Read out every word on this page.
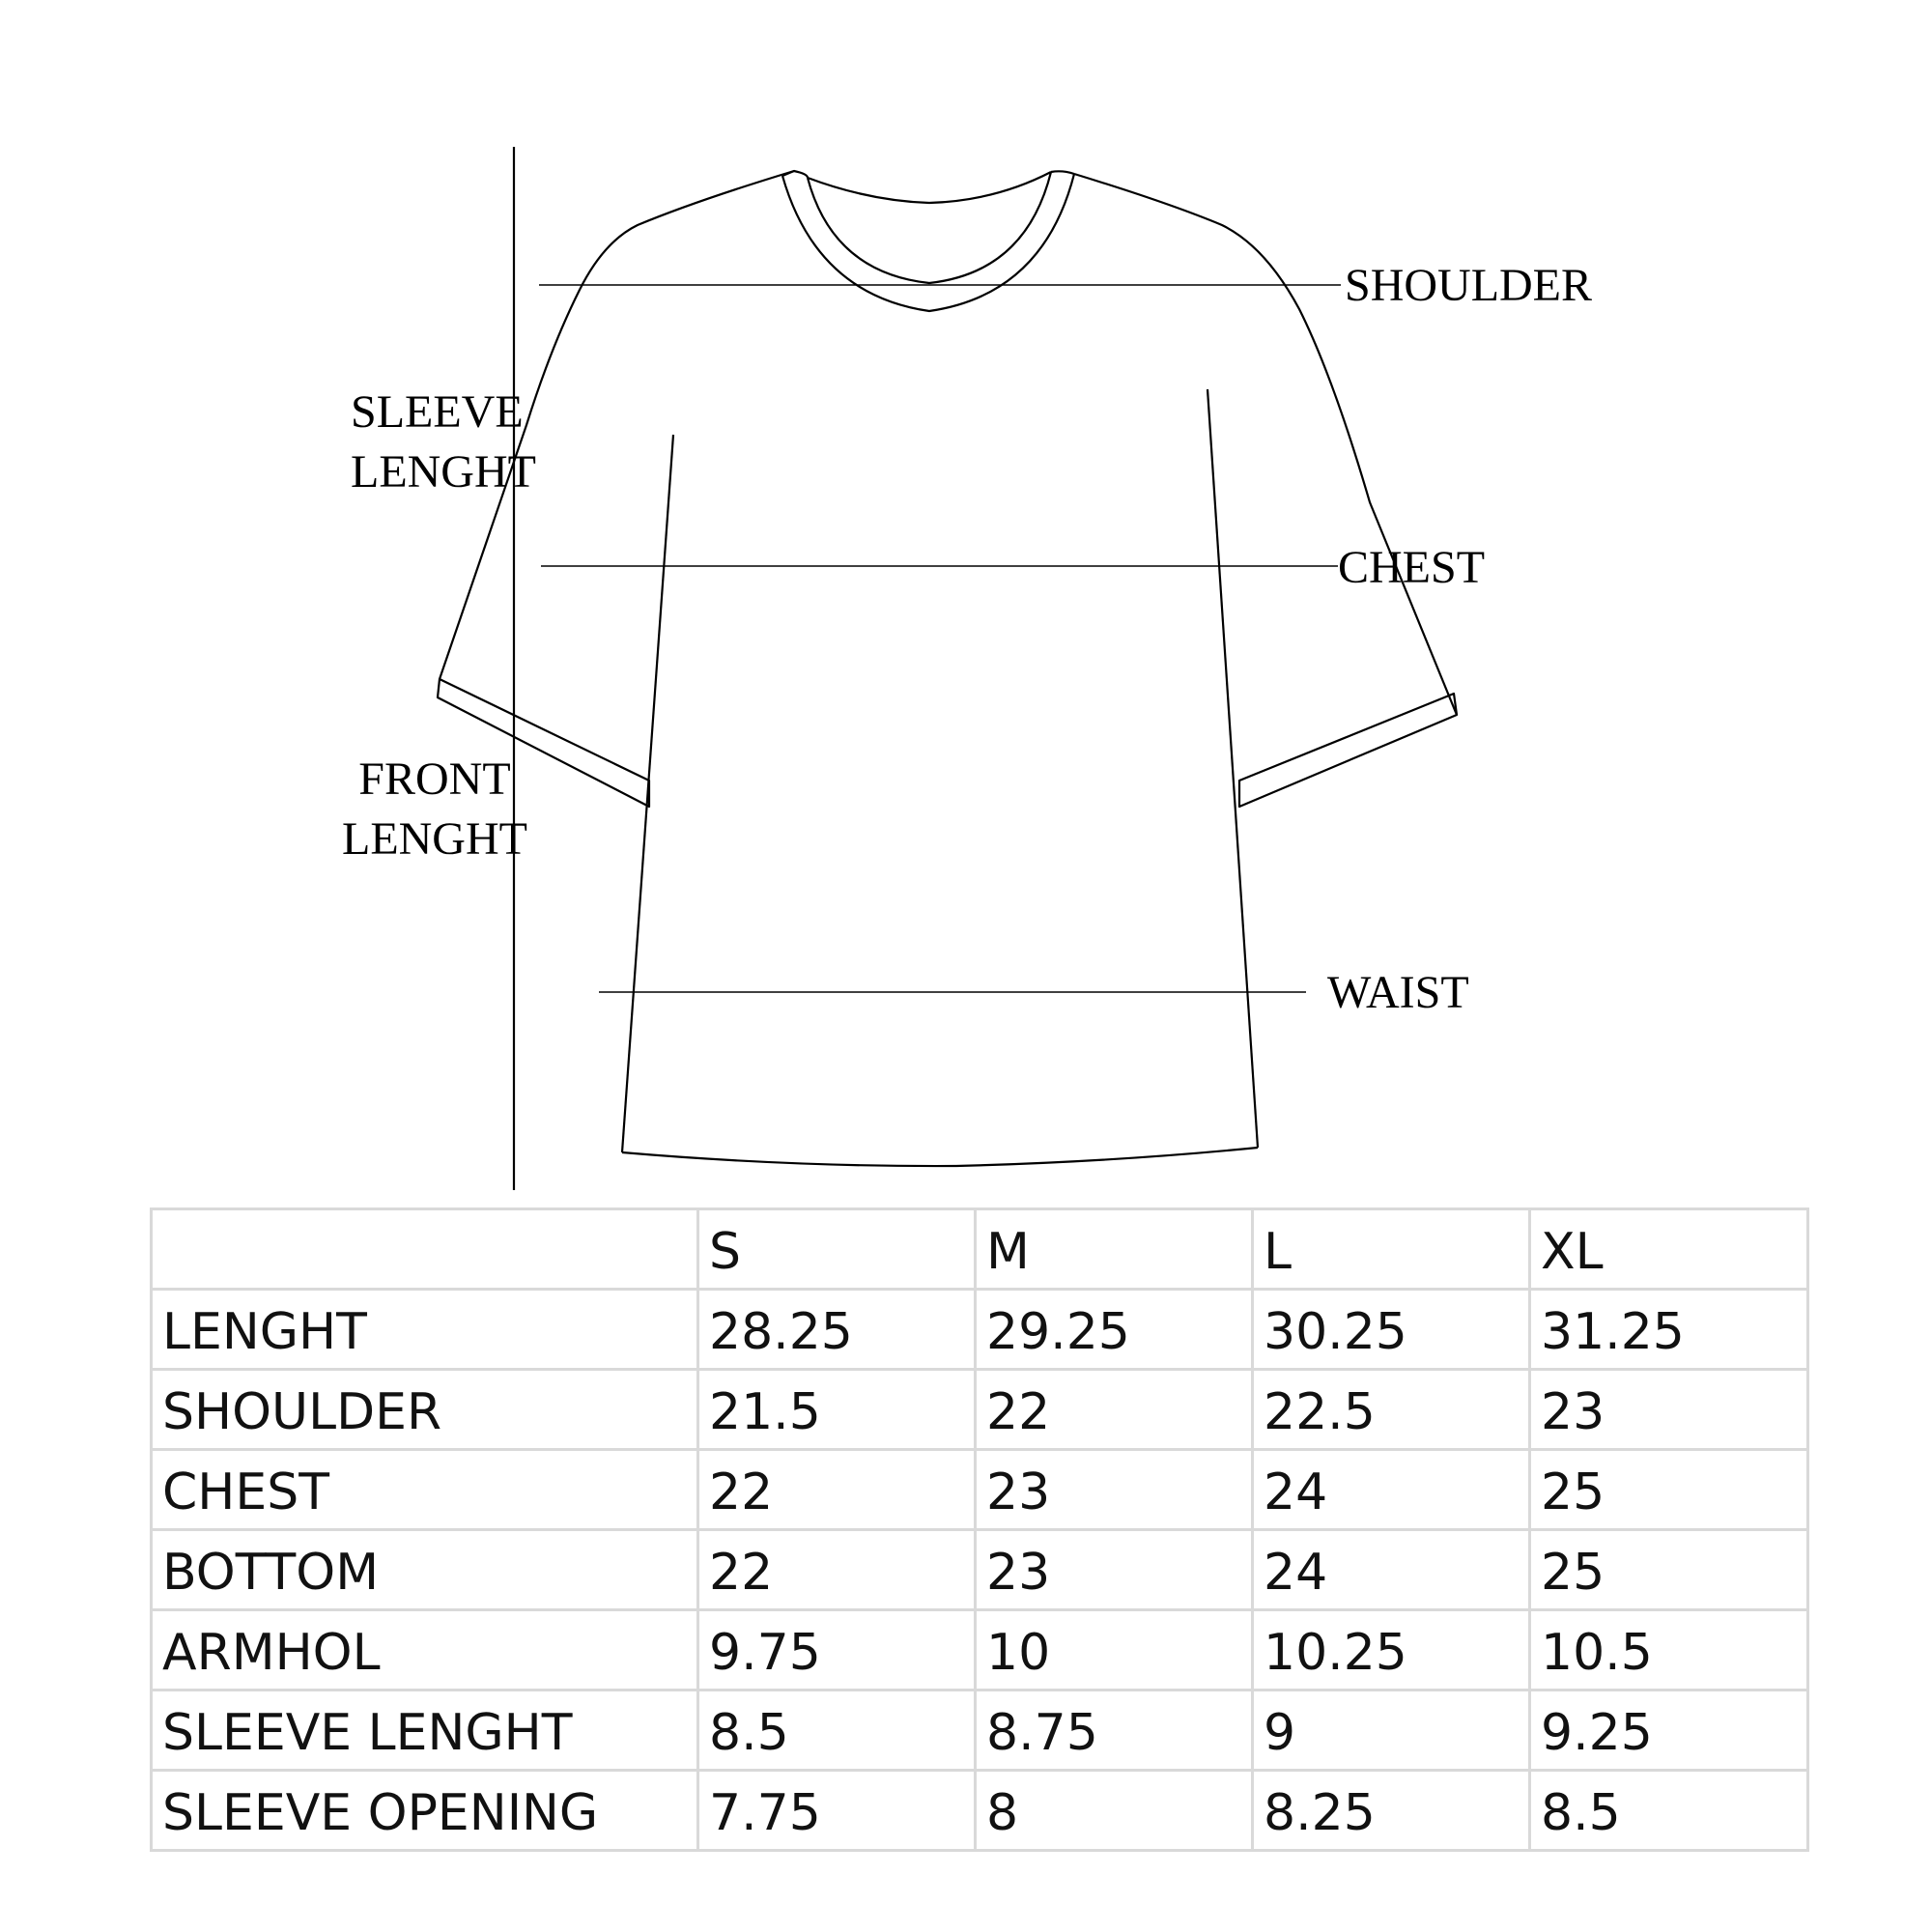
SHOULDER
CHEST
WAIST
SLEEVE
LENGHT
FRONT
LENGHT
	S	M	L	XL
LENGHT	28.25	29.25	30.25	31.25
SHOULDER	21.5	22	22.5	23
CHEST	22	23	24	25
BOTTOM	22	23	24	25
ARMHOL	9.75	10	10.25	10.5
SLEEVE LENGHT	8.5	8.75	9	9.25
SLEEVE OPENING	7.75	8	8.25	8.5
